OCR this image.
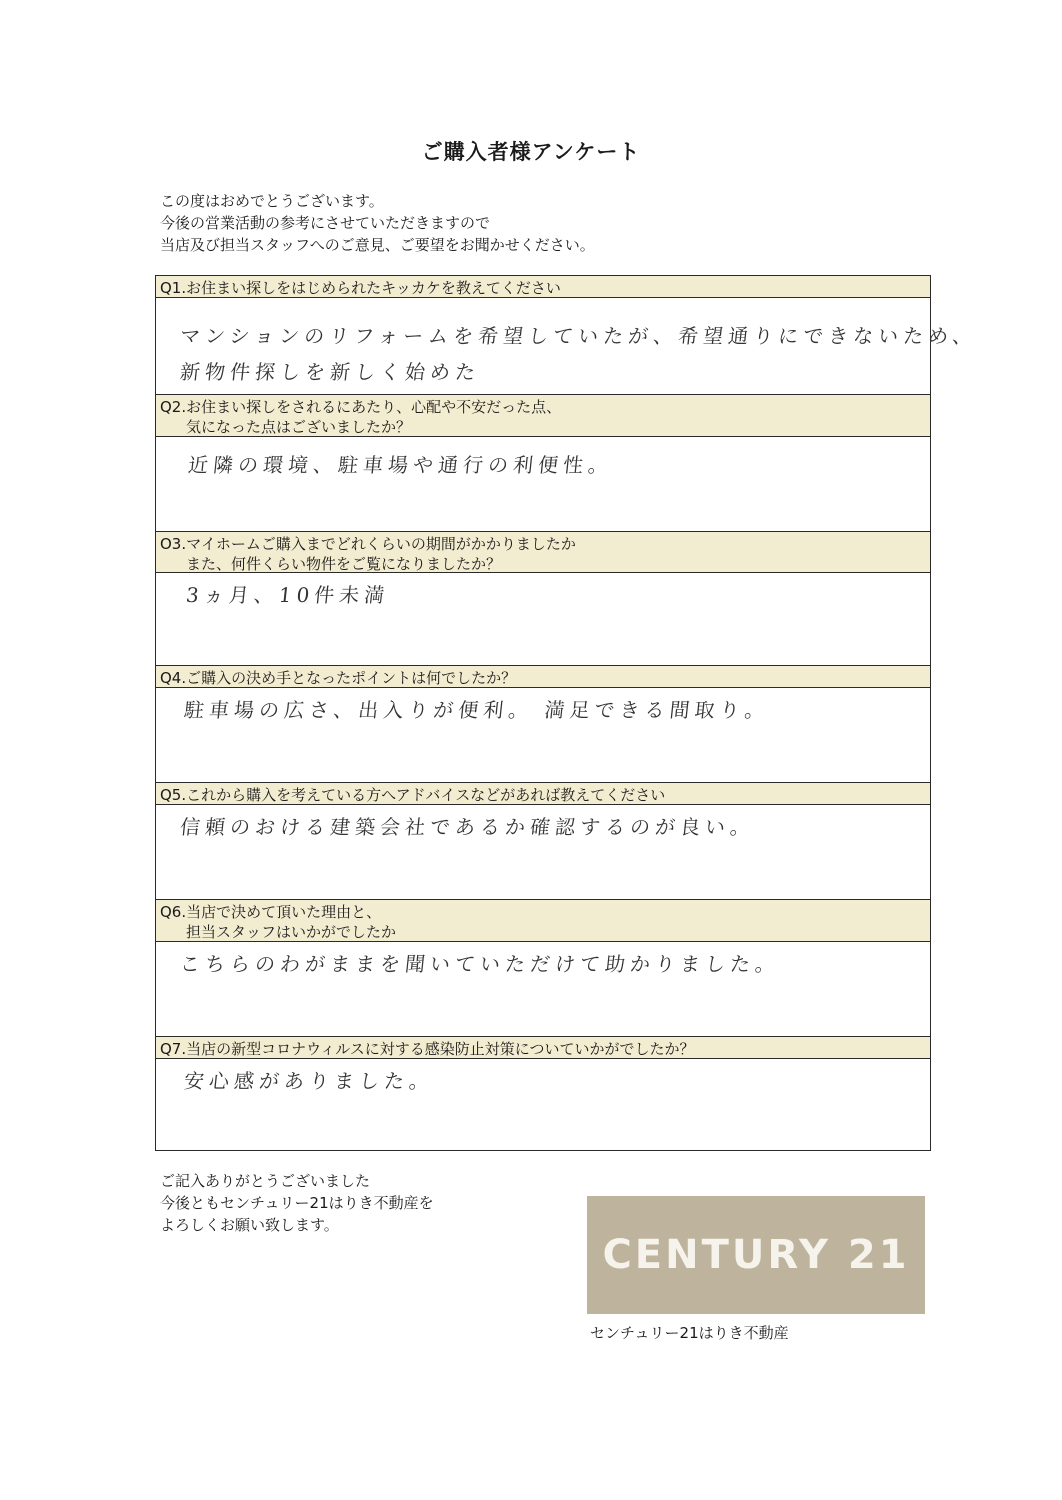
ご購入者様アンケート
この度はおめでとうございます。
今後の営業活動の参考にさせていただきますので
当店及び担当スタッフへのご意見、ご要望をお聞かせください。
Q1.お住まい探しをはじめられたキッカケを教えてください
マンションのリフォームを希望していたが、希望通りにできないため、
新物件探しを新しく始めた
Q2.お住まい探しをされるにあたり、心配や不安だった点、
気になった点はございましたか？
近隣の環境、駐車場や通行の利便性。
O3.マイホームご購入までどれくらいの期間がかかりましたか
また、何件くらい物件をご覧になりましたか？
3ヵ月、10件未満
Q4.ご購入の決め手となったポイントは何でしたか？
駐車場の広さ、出入りが便利。 満足できる間取り。
Q5.これから購入を考えている方へアドバイスなどがあれば教えてください
信頼のおける建築会社であるか確認するのが良い。
Q6.当店で決めて頂いた理由と、
担当スタッフはいかがでしたか
こちらのわがままを聞いていただけて助かりました。
Q7.当店の新型コロナウィルスに対する感染防止対策についていかがでしたか？
安心感がありました。
ご記入ありがとうございました
今後ともセンチュリー21はりき不動産を
よろしくお願い致します。
CENTURY 21
センチュリー21はりき不動産
